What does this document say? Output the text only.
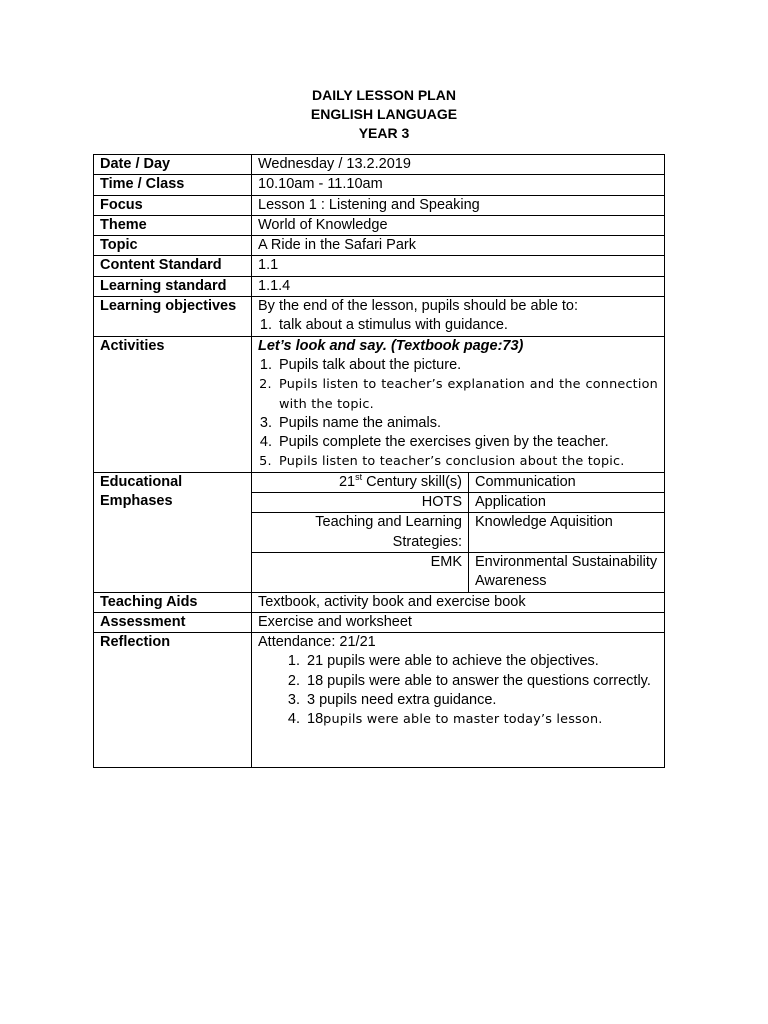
DAILY LESSON PLAN
ENGLISH LANGUAGE
YEAR 3
Date / Day	Wednesday / 13.2.2019
Time / Class	10.10am - 11.10am
Focus	Lesson 1 : Listening and Speaking
Theme	World of Knowledge
Topic	A Ride in the Safari Park
Content Standard	1.1
Learning standard	1.1.4
Learning objectives	By the end of the lesson, pupils should be able to:
1. talk about a stimulus with guidance.

Activities	Let’s look and say. (Textbook page:73)
1. Pupils talk about the picture.
2. Pupils listen to teacher’s explanation and the connection with the topic.
3. Pupils name the animals.
4. Pupils complete the exercises given by the teacher.
5. Pupils listen to teacher’s conclusion about the topic.

Educational Emphases	
21st Century skill(s)	Communication
HOTS	Application
Teaching and Learning Strategies:	Knowledge Aquisition
EMK	Environmental Sustainability Awareness

Teaching Aids	Textbook, activity book and exercise book
Assessment	Exercise and worksheet
Reflection	Attendance: 21/21
1. 21 pupils were able to achieve the objectives.
2. 18 pupils were able to answer the questions correctly.
3. 3 pupils need extra guidance.
4. 18pupils were able to master today’s lesson.
